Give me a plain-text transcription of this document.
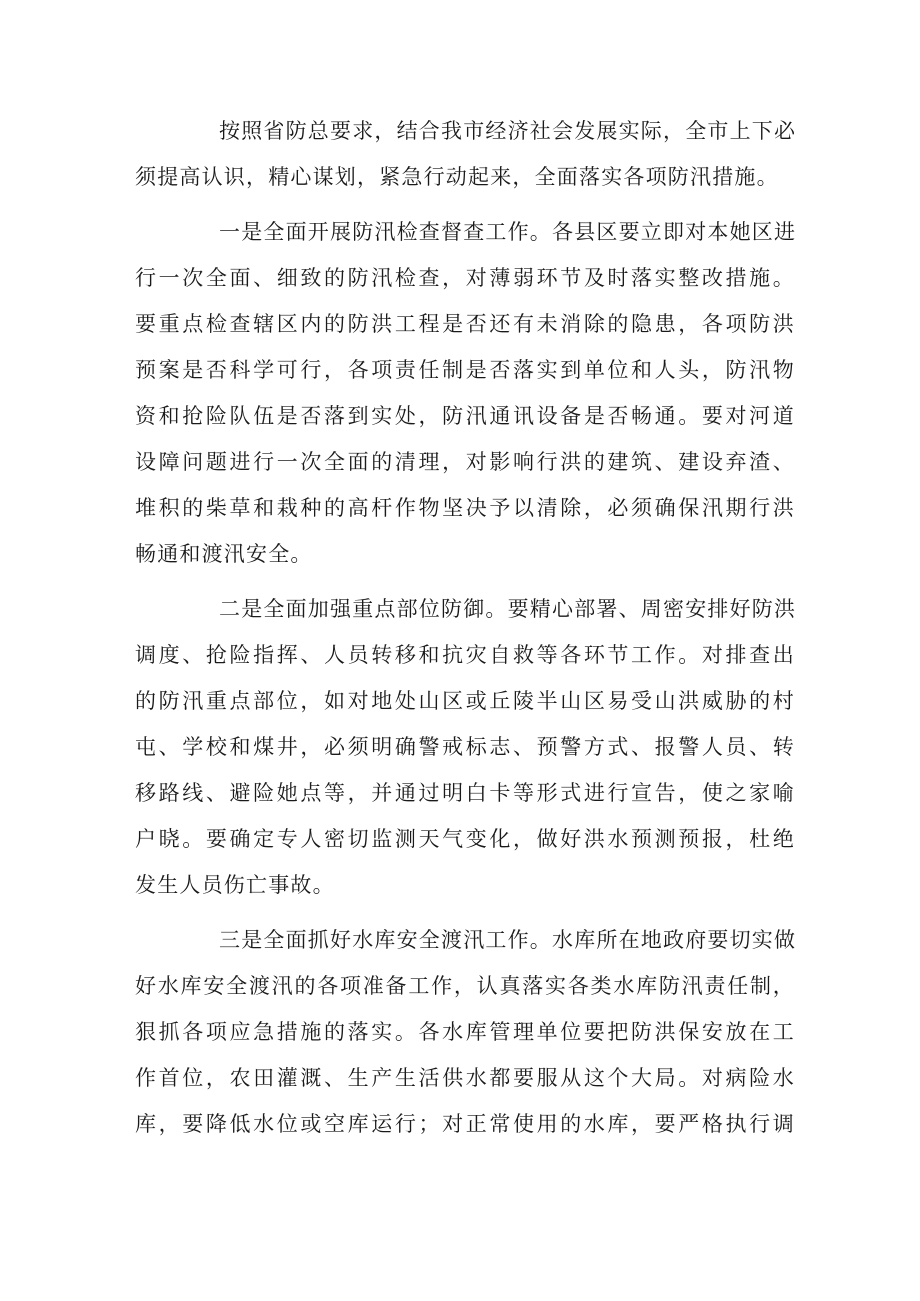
按照省防总要求，结合我市经济社会发展实际，全市上下必
须提高认识，精心谋划，紧急行动起来，全面落实各项防汛措施。

一是全面开展防汛检查督查工作。各县区要立即对本她区进
行一次全面、细致的防汛检查，对薄弱环节及时落实整改措施。
要重点检查辖区内的防洪工程是否还有未消除的隐患，各项防洪
预案是否科学可行，各项责任制是否落实到单位和人头，防汛物
资和抢险队伍是否落到实处，防汛通讯设备是否畅通。要对河道
设障问题进行一次全面的清理，对影响行洪的建筑、建设弃渣、
堆积的柴草和栽种的高杆作物坚决予以清除，必须确保汛期行洪
畅通和渡汛安全。

二是全面加强重点部位防御。要精心部署、周密安排好防洪
调度、抢险指挥、人员转移和抗灾自救等各环节工作。对排查出
的防汛重点部位，如对地处山区或丘陵半山区易受山洪威胁的村
屯、学校和煤井，必须明确警戒标志、预警方式、报警人员、转
移路线、避险她点等，并通过明白卡等形式进行宣告，使之家喻
户晓。要确定专人密切监测天气变化，做好洪水预测预报，杜绝
发生人员伤亡事故。

三是全面抓好水库安全渡汛工作。水库所在地政府要切实做
好水库安全渡汛的各项准备工作，认真落实各类水库防汛责任制，
狠抓各项应急措施的落实。各水库管理单位要把防洪保安放在工
作首位，农田灌溉、生产生活供水都要服从这个大局。对病险水
库，要降低水位或空库运行；对正常使用的水库，要严格执行调
